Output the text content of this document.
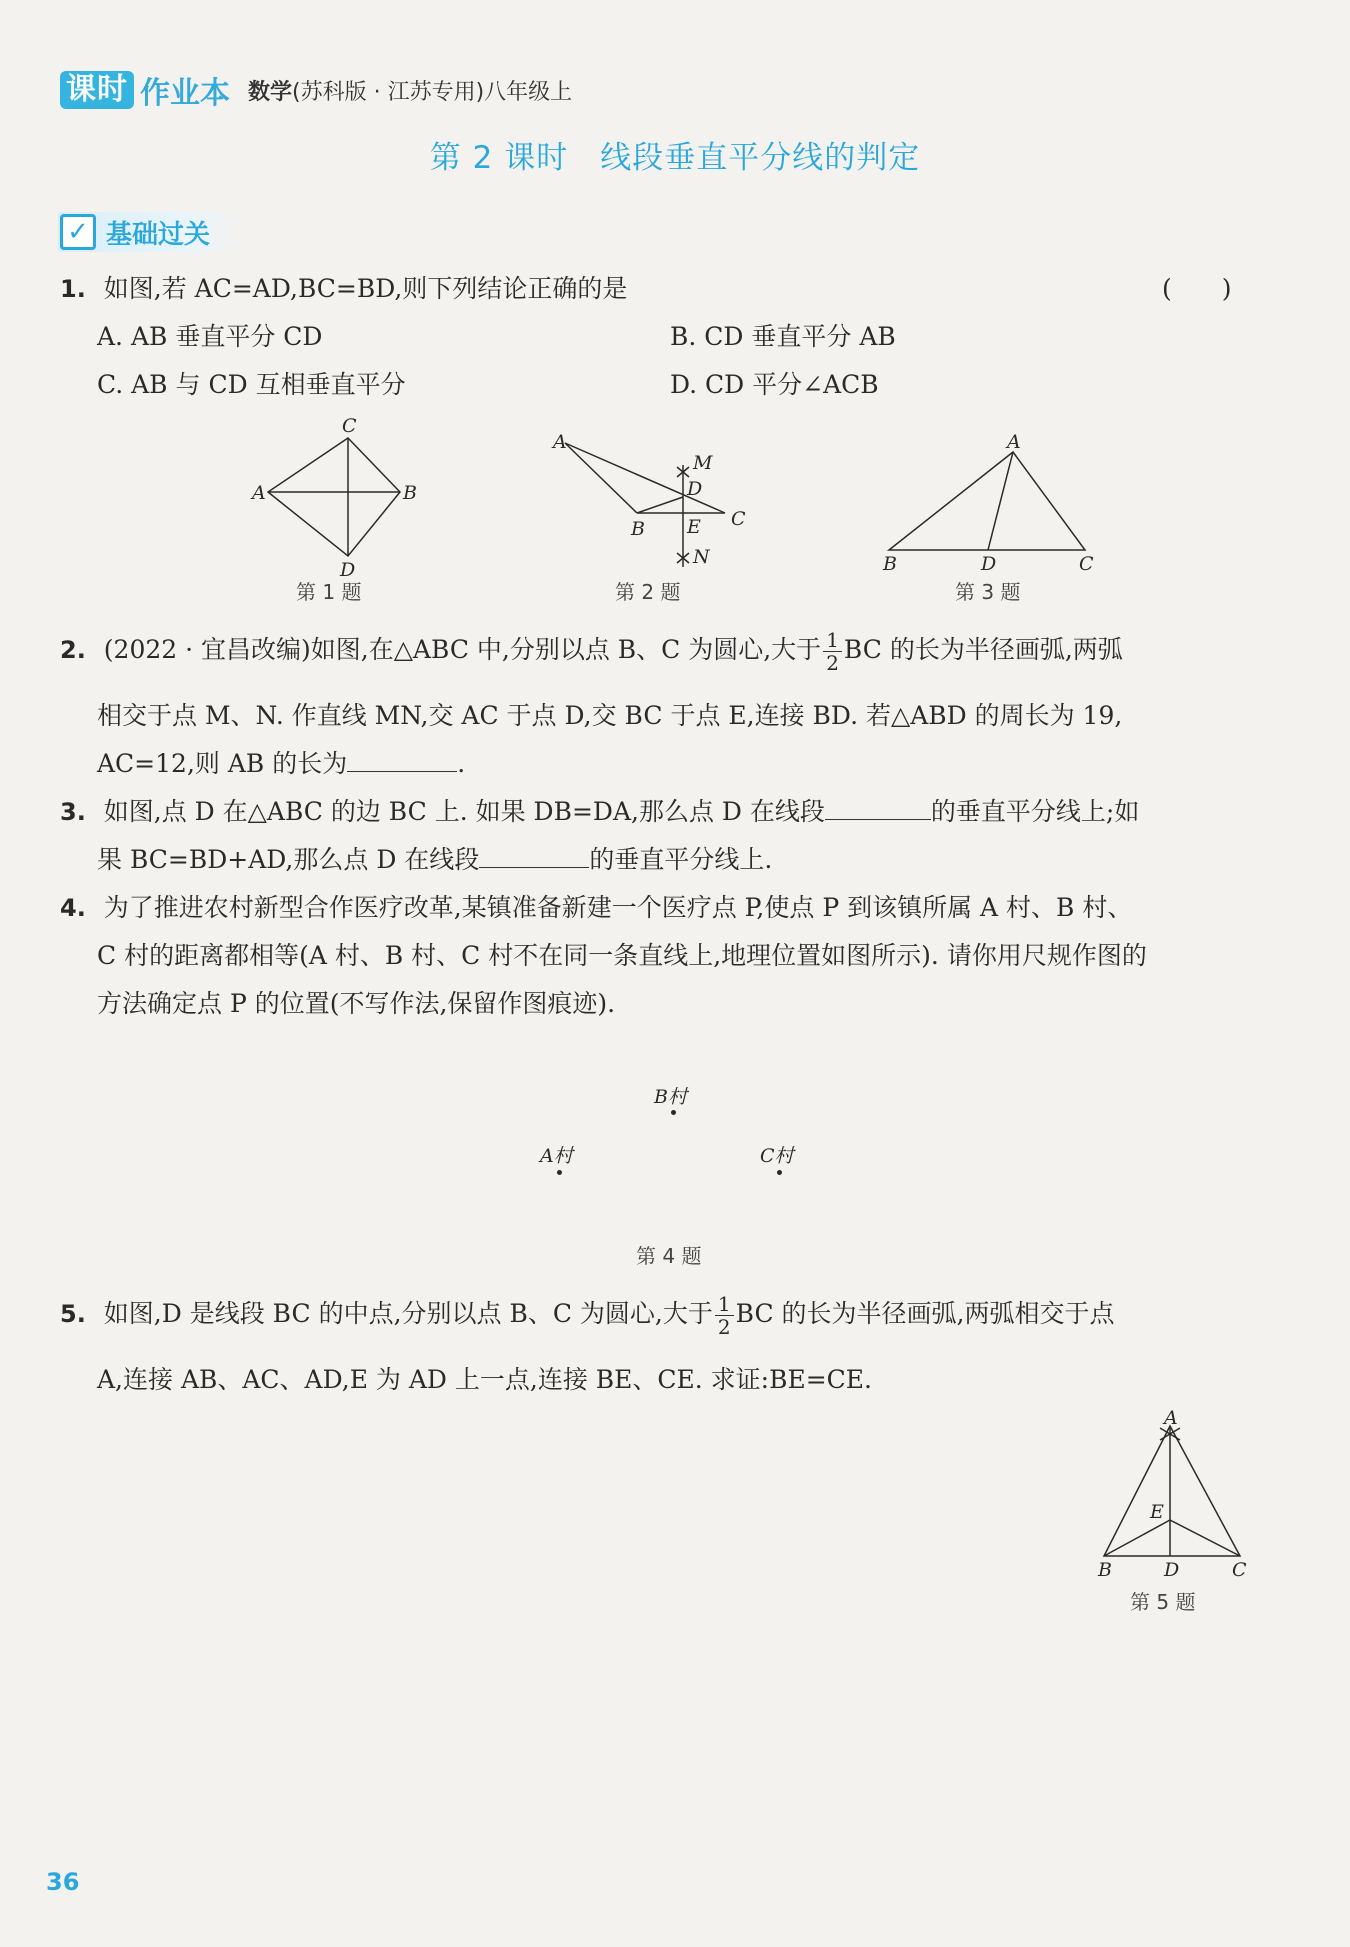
课时 作业本 数学(苏科版 · 江苏专用)八年级上
第 2 课时　线段垂直平分线的判定
✓ 基础过关
1. 如图,若 AC=AD,BC=BD,则下列结论正确的是	(　　)
A. AB 垂直平分 CD	B. CD 垂直平分 AB
C. AB 与 CD 互相垂直平分	D. CD 平分∠ACB
C
A	B
D
第 1 题
A
M
D
C
B E
N
第 2 题
A
B	D	C
第 3 题
2. (2022 · 宜昌改编)如图,在△ABC 中,分别以点 B、C 为圆心,大于 $\frac{1}{2}$ BC 的长为半径画弧,两弧
相交于点 M、N. 作直线 MN,交 AC 于点 D,交 BC 于点 E,连接 BD. 若△ABD 的周长为 19,
AC=12,则 AB 的长为	.
3. 如图,点 D 在△ABC 的边 BC 上. 如果 DB=DA,那么点 D 在线段	的垂直平分线上;如
果 BC=BD+AD,那么点 D 在线段	的垂直平分线上.
4. 为了推进农村新型合作医疗改革,某镇准备新建一个医疗点 P,使点 P 到该镇所属 A 村、B 村、
C 村的距离都相等(A 村、B 村、C 村不在同一条直线上,地理位置如图所示). 请你用尺规作图的
方法确定点 P 的位置(不写作法,保留作图痕迹).
B村
A村	C村
第 4 题
5. 如图,D 是线段 BC 的中点,分别以点 B、C 为圆心,大于 $\frac{1}{2}$ BC 的长为半径画弧,两弧相交于点
A,连接 AB、AC、AD,E 为 AD 上一点,连接 BE、CE. 求证:BE=CE.
A
E
B	D	C
第 5 题
36
